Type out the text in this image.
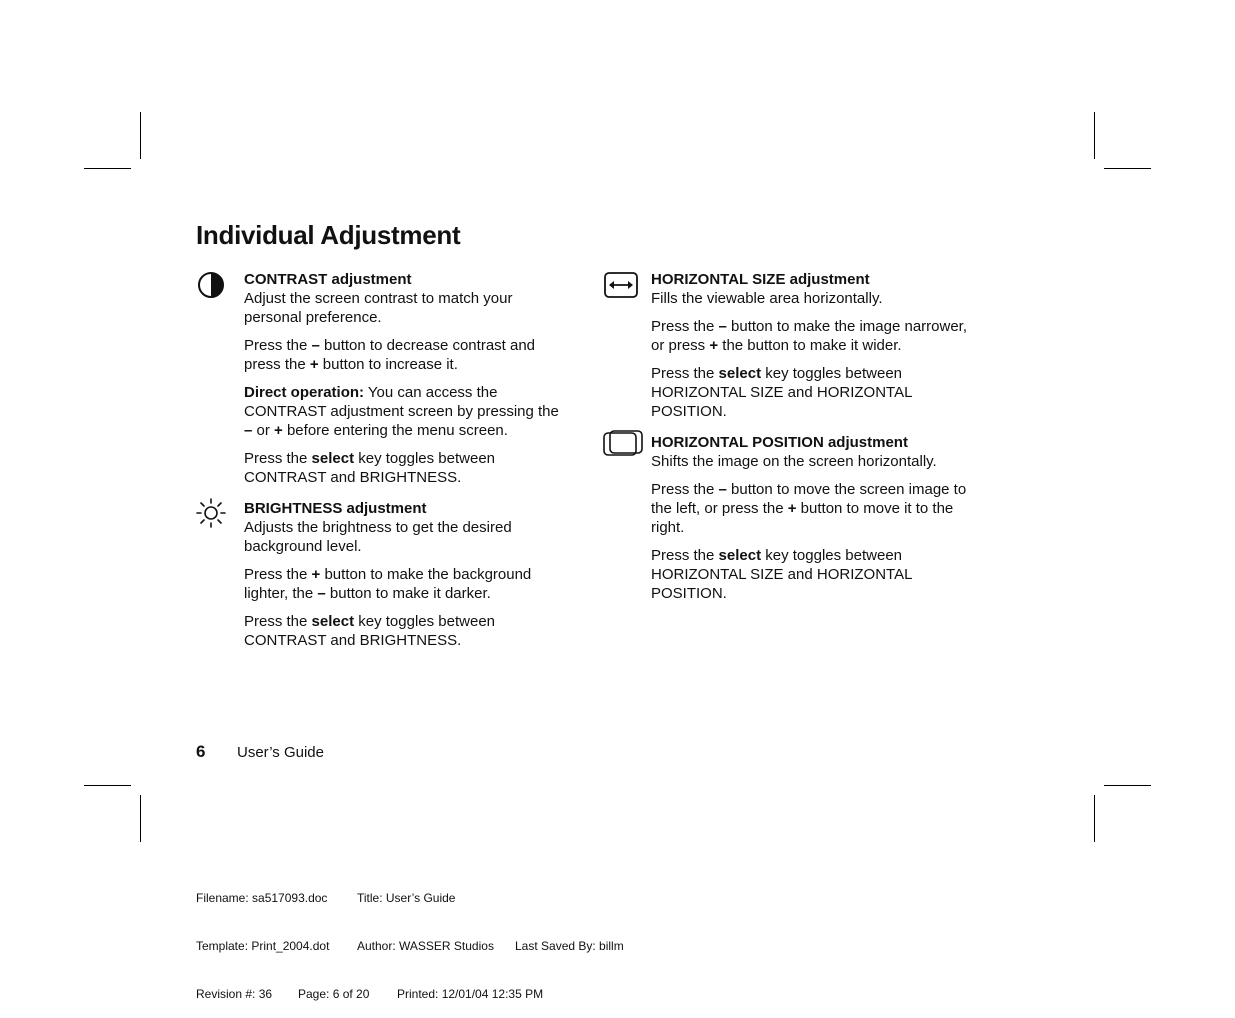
Individual Adjustment

CONTRAST adjustment

Adjust the screen contrast to match your personal preference.

Press the – button to decrease contrast and press the + button to increase it.

Direct operation: You can access the CONTRAST adjustment screen by pressing the – or + before entering the menu screen.

Press the select key toggles between CONTRAST and BRIGHTNESS.

BRIGHTNESS adjustment

Adjusts the brightness to get the desired background level.

Press the + button to make the background lighter, the – button to make it darker.

Press the select key toggles between CONTRAST and BRIGHTNESS.

HORIZONTAL SIZE adjustment

Fills the viewable area horizontally.

Press the – button to make the image narrower, or press + the button to make it wider.

Press the select key toggles between HORIZONTAL SIZE and HORIZONTAL POSITION.

HORIZONTAL POSITION adjustment

Shifts the image on the screen horizontally.

Press the – button to move the screen image to the left, or press the + button to move it to the right.

Press the select key toggles between HORIZONTAL SIZE and HORIZONTAL POSITION.

6 User’s Guide

Filename: sa517093.doc Title: User’s Guide

Template: Print_2004.dot Author: WASSER Studios Last Saved By: billm

Revision #: 36 Page: 6 of 20 Printed: 12/01/04 12:35 PM
